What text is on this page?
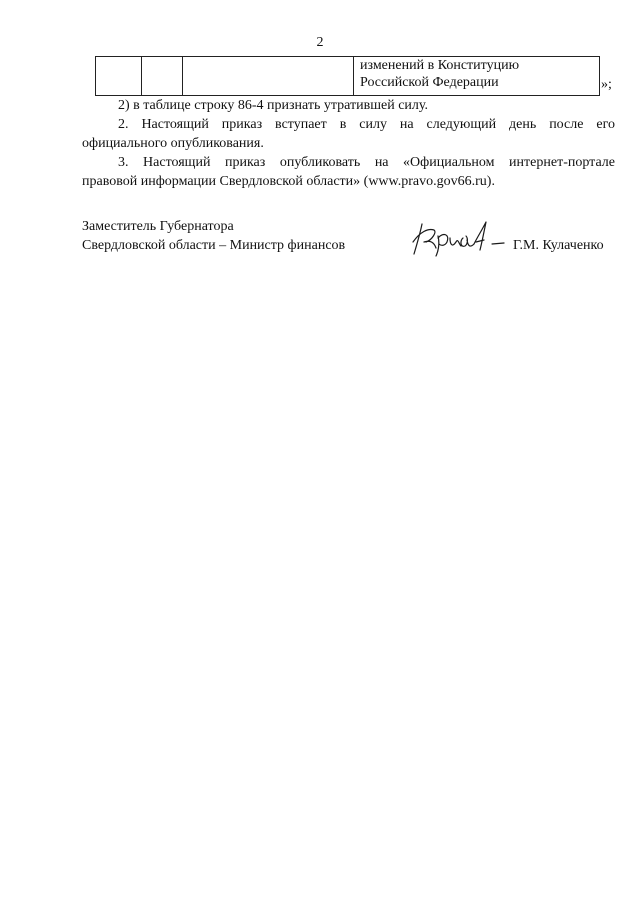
2

изменений в Конституцию
Российской Федерации	»;

2) в таблице строку 86-4 признать утратившей силу.

2. Настоящий приказ вступает в силу на следующий день после его
официального опубликования.
3. Настоящий приказ опубликовать на «Официальном интернет-портале
правовой информации Свердловской области» (www.pravo.gov66.ru).
Заместитель Губернатора
Свердловской области – Министр финансов	Г.М. Кулаченко
